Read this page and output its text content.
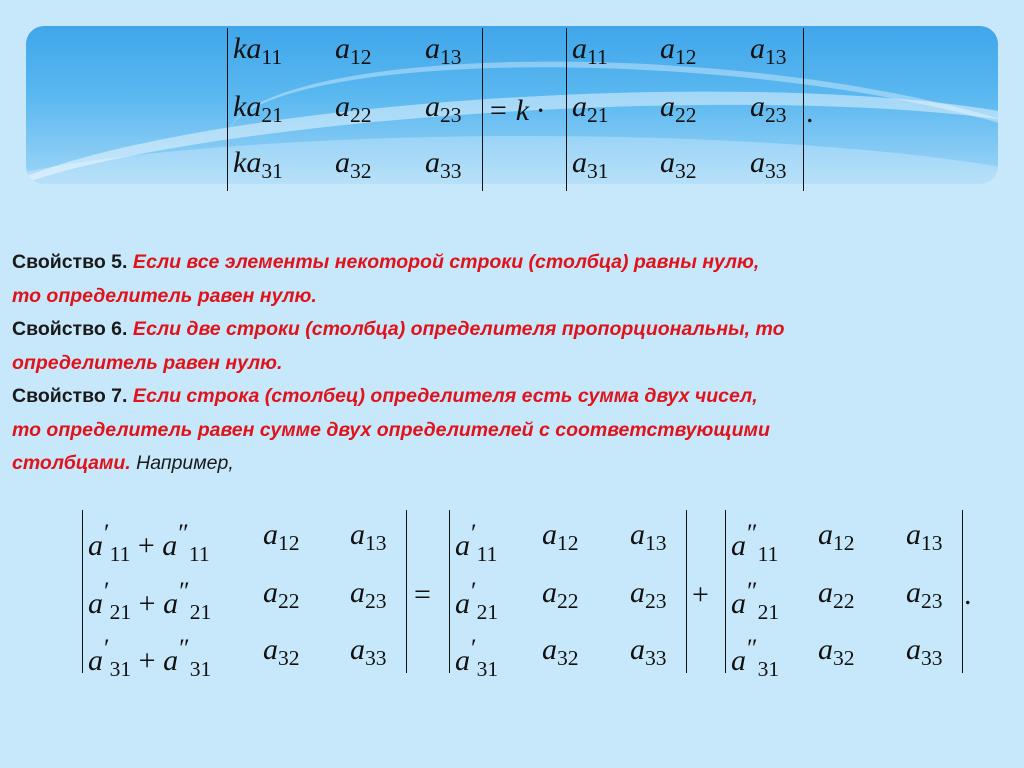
$ka_{11}$ $a_{12}$ $a_{13}$
$ka_{21}$ $a_{22}$ $a_{23}$
$ka_{31}$ $a_{32}$ $a_{33}$
= k ·
$a_{11}$ $a_{12}$ $a_{13}$
$a_{21}$ $a_{22}$ $a_{23}$
$a_{31}$ $a_{32}$ $a_{33}$
.

Свойство 5. Если все элементы некоторой строки (столбца) равны нулю,

то определитель равен нулю.

Свойство 6. Если две строки (столбца) определителя пропорциональны, то

определитель равен нулю.

Свойство 7. Если строка (столбец) определителя есть сумма двух чисел,

то определитель равен сумме двух определителей с соответствующими

столбцами. Например,

$a'_{11} + a''_{11}$
$a_{12}$ $a_{13}$
$a'_{21} + a''_{21}$
$a_{22}$ $a_{23}$
$a'_{31} + a''_{31}$
$a_{32}$ $a_{33}$
=
$a'_{11}$
$a_{12}$ $a_{13}$
$a'_{21}$
$a_{22}$ $a_{23}$
$a'_{31}$
$a_{32}$ $a_{33}$
+
$a''_{11}$
$a_{12}$ $a_{13}$
$a''_{21}$
$a_{22}$ $a_{23}$
$a''_{31}$
$a_{32}$ $a_{33}$
.
